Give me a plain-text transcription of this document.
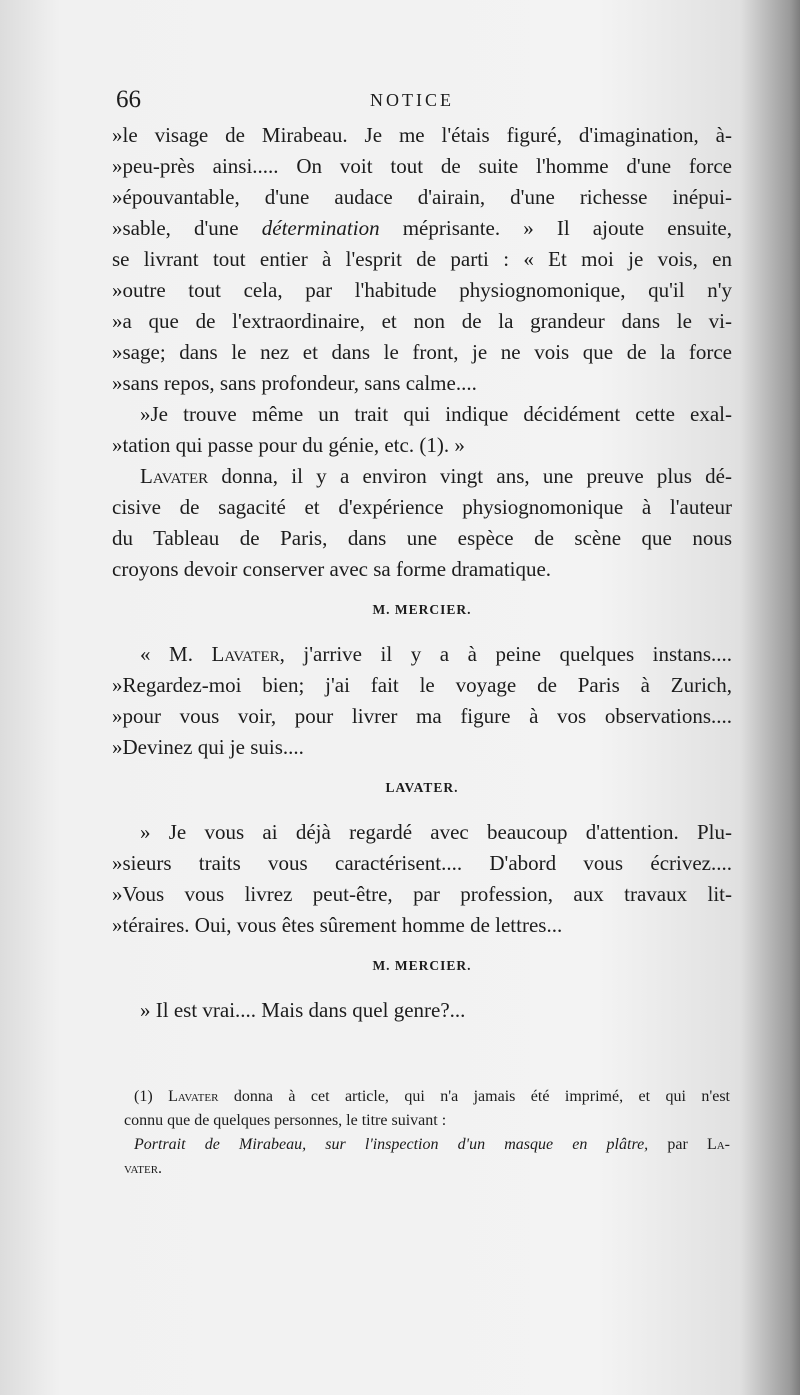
66	NOTICE
»le visage de Mirabeau. Je me l'étais figuré, d'imagination, à-
»peu-près ainsi..... On voit tout de suite l'homme d'une force
»épouvantable, d'une audace d'airain, d'une richesse inépui-
»sable, d'une détermination méprisante. » Il ajoute ensuite,
se livrant tout entier à l'esprit de parti : « Et moi je vois, en
»outre tout cela, par l'habitude physiognomonique, qu'il n'y
»a que de l'extraordinaire, et non de la grandeur dans le vi-
»sage; dans le nez et dans le front, je ne vois que de la force
»sans repos, sans profondeur, sans calme....
»Je trouve même un trait qui indique décidément cette exal-
»tation qui passe pour du génie, etc. (1). »
Lavater donna, il y a environ vingt ans, une preuve plus dé-
cisive de sagacité et d'expérience physiognomonique à l'auteur
du Tableau de Paris, dans une espèce de scène que nous
croyons devoir conserver avec sa forme dramatique.
M. MERCIER.
« M. Lavater, j'arrive il y a à peine quelques instans....
»Regardez-moi bien; j'ai fait le voyage de Paris à Zurich,
»pour vous voir, pour livrer ma figure à vos observations....
»Devinez qui je suis....
LAVATER.
» Je vous ai déjà regardé avec beaucoup d'attention. Plu-
»sieurs traits vous caractérisent.... D'abord vous écrivez....
»Vous vous livrez peut-être, par profession, aux travaux lit-
»téraires. Oui, vous êtes sûrement homme de lettres...
M. MERCIER.
» Il est vrai.... Mais dans quel genre?...
(1) Lavater donna à cet article, qui n'a jamais été imprimé, et qui n'est
connu que de quelques personnes, le titre suivant :
Portrait de Mirabeau, sur l'inspection d'un masque en plâtre, par La-
vater.
